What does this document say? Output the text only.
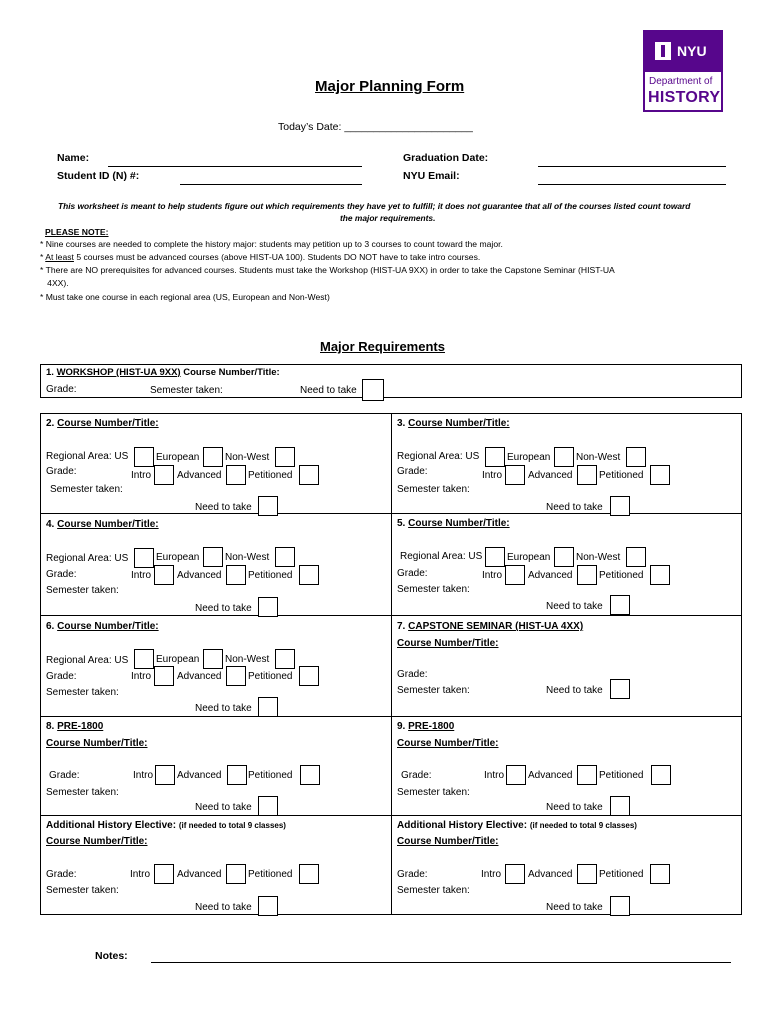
NYU
Department of
HISTORY
Major Planning Form
Today’s Date: ______________________
Name:
Student ID (N) #:
Graduation Date:
NYU Email:
This worksheet is meant to help students figure out which requirements they have yet to fulfill; it does not guarantee that all of the courses listed count toward
the major requirements.
PLEASE NOTE:
* Nine courses are needed to complete the history major: students may petition up to 3 courses to count toward the major.
* At least 5 courses must be advanced courses (above HIST-UA 100). Students DO NOT have to take intro courses.
* There are NO prerequisites for advanced courses. Students must take the Workshop (HIST-UA 9XX) in order to take the Capstone Seminar (HIST-UA
4XX).
* Must take one course in each regional area (US, European and Non-West)
Major Requirements
1. WORKSHOP (HIST-UA 9XX) Course Number/Title:
Grade:	Semester taken:	Need to take
2. Course Number/Title:
Regional Area: US	European	Non-West
Grade:	Intro	Advanced	Petitioned
Semester taken:
Need to take
3. Course Number/Title:
Regional Area: US	European	Non-West
Grade:	Intro	Advanced	Petitioned
Semester taken:
Need to take
4. Course Number/Title:
Regional Area: US	European	Non-West
Grade:	Intro	Advanced	Petitioned
Semester taken:
Need to take
5. Course Number/Title:
Regional Area: US European	Non-West
Grade:	Intro	Advanced	Petitioned
Semester taken:
Need to take
6. Course Number/Title:
Regional Area: US	European	Non-West
Grade:	Intro	Advanced	Petitioned
Semester taken:
Need to take
7. CAPSTONE SEMINAR (HIST-UA 4XX)
Course Number/Title:
Grade:
Semester taken:	Need to take
8. PRE-1800
Course Number/Title:
Grade:	Intro Advanced	Petitioned
Semester taken:
Need to take
9. PRE-1800
Course Number/Title:
Grade:	Intro Advanced	Petitioned
Semester taken:
Need to take
Additional History Elective: (if needed to total 9 classes)
Course Number/Title:
Grade:	Intro	Advanced	Petitioned
Semester taken:
Need to take
Additional History Elective: (if needed to total 9 classes)
Course Number/Title:
Grade:	Intro	Advanced	Petitioned
Semester taken:
Need to take
Notes:
